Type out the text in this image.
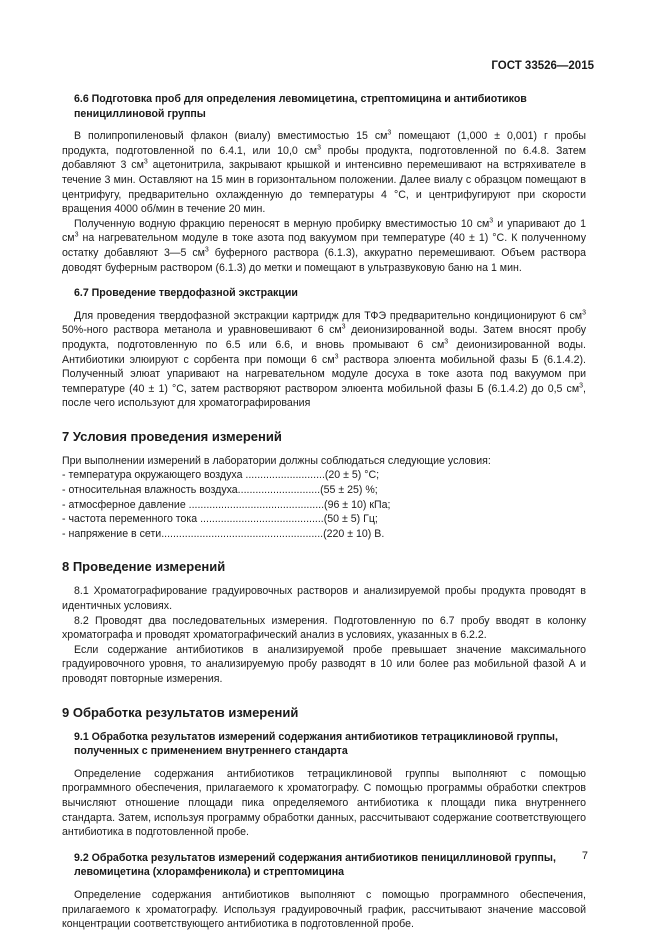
ГОСТ 33526—2015
6.6 Подготовка проб для определения левомицетина, стрептомицина и антибиотиков пенициллиновой группы

В полипропиленовый флакон (виалу) вместимостью 15 $см^3$ помещают (1,000 ± 0,001) г пробы продукта, подготовленной по 6.4.1, или 10,0 $см^3$ пробы продукта, подготовленной по 6.4.8. Затем добавляют 3 $см^3$ ацетонитрила, закрывают крышкой и интенсивно перемешивают на встряхивателе в течение 3 мин. Оставляют на 15 мин в горизонтальном положении. Далее виалу с образцом помещают в центрифугу, предварительно охлажденную до температуры 4 °С, и центрифугируют при скорости вращения 4000 об/мин в течение 20 мин.

Полученную водную фракцию переносят в мерную пробирку вместимостью 10 $см^3$ и упаривают до 1 $см^3$ на нагревательном модуле в токе азота под вакуумом при температуре (40 ± 1) °С. К полученному остатку добавляют 3—5 $см^3$ буферного раствора (6.1.3), аккуратно перемешивают. Объем раствора доводят буферным раствором (6.1.3) до метки и помещают в ультразвуковую баню на 1 мин.

6.7 Проведение твердофазной экстракции

Для проведения твердофазной экстракции картридж для ТФЭ предварительно кондиционируют 6 $см^3$ 50%-ного раствора метанола и уравновешивают 6 $см^3$ деионизированной воды. Затем вносят пробу продукта, подготовленную по 6.5 или 6.6, и вновь промывают 6 $см^3$ деионизированной воды. Антибиотики элюируют с сорбента при помощи 6 $см^3$ раствора элюента мобильной фазы Б (6.1.4.2). Полученный элюат упаривают на нагревательном модуле досуха в токе азота под вакуумом при температуре (40 ± 1) °С, затем растворяют раствором элюента мобильной фазы Б (6.1.4.2) до 0,5 $см^3$, после чего используют для хроматографирования

7 Условия проведения измерений
При выполнении измерений в лаборатории должны соблюдаться следующие условия:
- температура окружающего воздуха ...........................(20 ± 5) °С;
- относительная влажность воздуха............................(55 ± 25) %;
- атмосферное давление ..............................................(96 ± 10) кПа;
- частота переменного тока ..........................................(50 ± 5) Гц;
- напряжение в сети.......................................................(220 ± 10) В.
8 Проведение измерений

8.1 Хроматографирование градуировочных растворов и анализируемой пробы продукта проводят в идентичных условиях.

8.2 Проводят два последовательных измерения. Подготовленную по 6.7 пробу вводят в колонку хроматографа и проводят хроматографический анализ в условиях, указанных в 6.2.2.

Если содержание антибиотиков в анализируемой пробе превышает значение максимального градуировочного уровня, то анализируемую пробу разводят в 10 или более раз мобильной фазой А и проводят повторные измерения.

9 Обработка результатов измерений
9.1 Обработка результатов измерений содержания антибиотиков тетрациклиновой группы, полученных с применением внутреннего стандарта

Определение содержания антибиотиков тетрациклиновой группы выполняют с помощью программного обеспечения, прилагаемого к хроматографу. С помощью программы обработки спектров вычисляют отношение площади пика определяемого антибиотика к площади пика внутреннего стандарта. Затем, используя программу обработки данных, рассчитывают содержание соответствующего антибиотика в подготовленной пробе.

9.2 Обработка результатов измерений содержания антибиотиков пенициллиновой группы, левомицетина (хлорамфеникола) и стрептомицина

Определение содержания антибиотиков выполняют с помощью программного обеспечения, прилагаемого к хроматографу. Используя градуировочный график, рассчитывают значение массовой концентрации соответствующего антибиотика в подготовленной пробе.

7
